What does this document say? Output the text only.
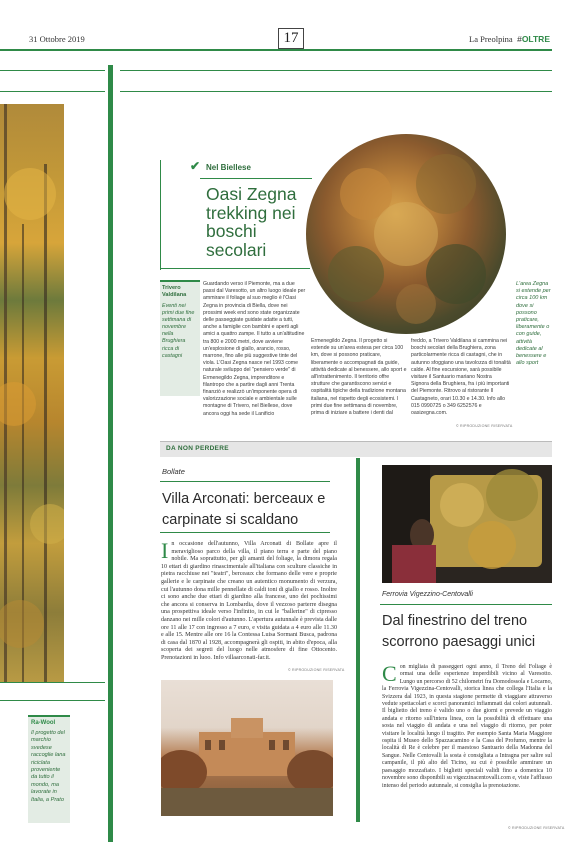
31 Ottobre 2019	17	La Preolpina #OLTRE
Ra-Wool
Il progetto del marchio svedese raccoglie lana riciclata proveniente da tutto il mondo, ma lavorate in Italia, a Prato
✔ Nel Biellese
Oasi Zegna trekking nei boschi secolari
Trivero Valdilana
Eventi nei primi due fine settimana di novembre nella Brughiera ricca di castagni
Guardando verso il Piemonte, ma a due passi dal Varesotto, un altro luogo ideale per ammirare il foliage al suo meglio è l'Oasi Zegna in provincia di Biella, dove nei prossimi week end sono state organizzate delle passeggiate guidate adatte a tutti, anche a famiglie con bambini e aperti agli amici a quattro zampe. Il tutto a un'altitudine tra 800 e 2000 metri, dove avviene un'esplosione di giallo, arancio, rosso, marrone, fino alle più suggestive tinte del viola. L'Oasi Zegna nasce nel 1993 come naturale sviluppo del "pensiero verde" di Ermenegildo Zegna, imprenditore e filantropo che a partire dagli anni Trenta finanziò e realizzò un'imponente opera di valorizzazione sociale e ambientale sulle montagne di Trivero, nel Biellese, dove ancora oggi ha sede il Lanificio
Ermenegildo Zegna. Il progetto si estende su un'area estesa per circa 100 km, dove si possono praticare, liberamente o accompagnati da guide, attività dedicate al benessere, allo sport e all'intrattenimento. Il territorio offre strutture che garantiscono servizi e ospitalità tipiche della tradizione montana italiana, nel rispetto degli ecosistemi. I primi due fine settimana di novembre, prima di iniziare a battere i denti dal
freddo, a Trivero Valdilana si cammina nei boschi secolari della Brughiera, zona particolarmente ricca di castagni, che in autunno sfoggiano una tavolozza di tonalità calde. Al fine escursione, sarà possibile visitare il Santuario mariano Nostra Signora della Brughiera, fra i più importanti del Piemonte. Ritrovo al ristorante Il Castagneto, orari 10.30 e 14.30. Info allo 015 0990725 o 349 6252576 e oasizegna.com.
© RIPRODUZIONE RISERVATA
L'area Zegna si estende per circa 100 km dove si possono praticare, liberamente o con guide, attività dedicate al benessere e allo sport
DA NON PERDERE
Bollate
Villa Arconati: berceaux e carpinate si scaldano
I n occasione dell'autunno, Villa Arconati di Bollate apre il meraviglioso parco della villa, il piano terra e parte del piano nobile. Ma soprattutto, per gli amanti del foliage, la dimora regala 10 ettari di giardino rinascimentale all'italiana con sculture classiche in pietra racchiuse nei "teatri", berceaux che formano delle vere e proprie gallerie e le carpinate che creano un autentico monumento di verzura, cui l'autunno dona mille pennellate di caldi toni di giallo e rosso. Inoltre ci sono anche due ettari di giardino alla francese, uno dei pochissimi che ancora si conserva in Lombardia, dove il vezzoso parterre disegna una prospettiva ideale verso l'infinito, in cui le "ballerine" di cipresso danzano nei mille colori d'autunno. L'apertura autunnale è prevista dalle ore 11 alle 17 con ingresso a 7 euro, e visita guidata a 4 euro alle 11.30 e alle 15. Mentre alle ore 16 la Contessa Luisa Sormani Busca, padrona di casa dal 1870 al 1928, accompagnerà gli ospiti, in abito d'epoca, alla scoperta dei segreti del luogo nelle atmosfere di fine Ottocento. Prenotazioni in luoo. Info villaarconati-far.it.
© RIPRODUZIONE RISERVATA
Ferrovia Vigezzino-Centovalli
Dal finestrino del treno scorrono paesaggi unici
C on migliaia di passeggeri ogni anno, il Treno del Foliage è ormai una delle esperienze imperdibili vicino al Varesotto. Lungo un percorso di 52 chilometri fra Domodossola e Locarno, la Ferrovia Vigezzina-Centovalli, storica linea che collega l'Italia e la Svizzera dal 1923, in questa stagione permette di viaggiare attraverso vedute spettacolari e scorci panoramici infiammati dai colori autunnali. Il biglietto del treno è valido uno o due giorni e prevede un viaggio andata e ritorno sull'intera linea, con la possibilità di effettuare una sosta nel viaggio di andata e una nel viaggio di ritorno, per poter visitare le località lungo il tragitto. Per esempio Santa Maria Maggiore ospita il Museo dello Spazzacamino e la Casa del Profumo, mentre la località di Re è celebre per il maestoso Santuario della Madonna del Sangue. Nelle Centovalli la sosta è consigliata a Intragna per salire sul campanile, il più alto del Ticino, su cui è possibile ammirare un paesaggio mozzafiato. I biglietti speciali validi fino a domenica 10 novembre sono disponibili su vigezzinacentovalli.com e, viste l'afflusso intenso del periodo autunnale, si consiglia la prenotazione.
© RIPRODUZIONE RISERVATA
